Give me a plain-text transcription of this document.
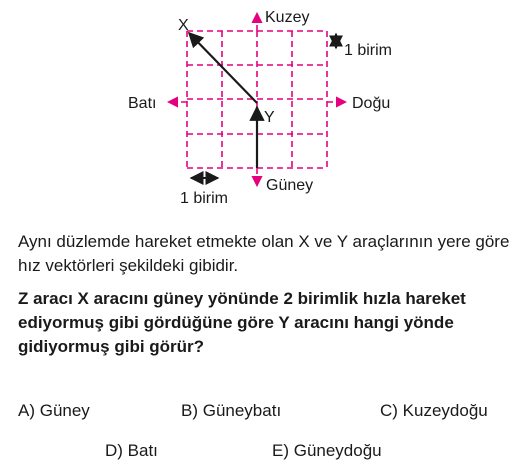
X
Y
Kuzey
Güney
Doğu
Batı
1 birim
1 birim
Aynı düzlemde hareket etmekte olan X ve Y araçlarının yere göre hız vektörleri şekildeki gibidir.
Z aracı X aracını güney yönünde 2 birimlik hızla hareket ediyormuş gibi gördüğüne göre Y aracını hangi yönde gidiyormuş gibi görür?
A) Güney	B) Güneybatı	C) Kuzeydoğu
D) Batı	E) Güneydoğu
